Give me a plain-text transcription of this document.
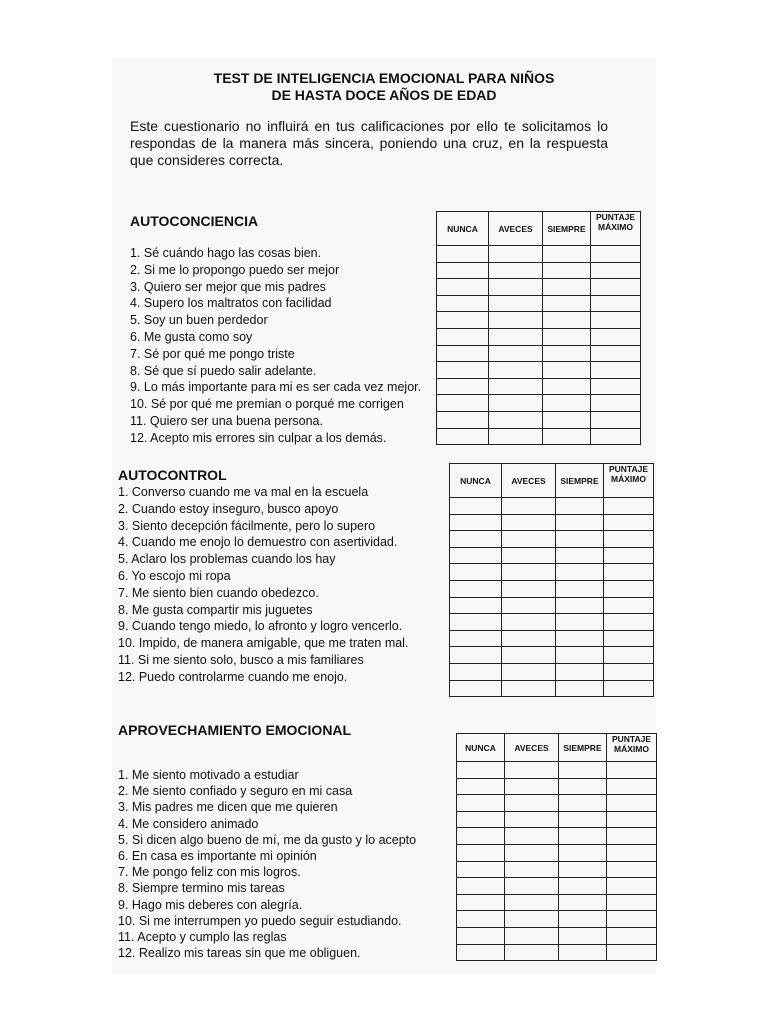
TEST DE INTELIGENCIA EMOCIONAL PARA NIÑOS
DE HASTA DOCE AÑOS DE EDAD

Este cuestionario no influirá en tus calificaciones por ello te solicitamos lo respondas de la manera más sincera, poniendo una cruz, en la respuesta que consideres correcta.

AUTOCONCIENCIA
1. Sé cuándo hago las cosas bien.
2. Si me lo propongo puedo ser mejor
3. Quiero ser mejor que mis padres
4. Supero los maltratos con facilidad
5. Soy un buen perdedor
6. Me gusta como soy
7. Sé por qué me pongo triste
8. Sé que sí puedo salir adelante.
9. Lo más importante para mi es ser cada vez mejor.
10. Sé por qué me premian o porqué me corrigen
11. Quiero ser una buena persona.
12. Acepto mis errores sin culpar a los demás.
NUNCA	AVECES	SIEMPRE	PUNTAJE
MÁXIMO

AUTOCONTROL
1. Converso cuando me va mal en la escuela
2. Cuando estoy inseguro, busco apoyo
3. Siento decepción fácilmente, pero lo supero
4. Cuando me enojo lo demuestro con asertividad.
5. Aclaro los problemas cuando los hay
6. Yo escojo mi ropa
7. Me siento bien cuando obedezco.
8. Me gusta compartir mis juguetes
9. Cuando tengo miedo, lo afronto y logro vencerlo.
10. Impido, de manera amigable, que me traten mal.
11. Si me siento solo, busco a mis familiares
12. Puedo controlarme cuando me enojo.
NUNCA	AVECES	SIEMPRE	PUNTAJE
MÁXIMO

APROVECHAMIENTO EMOCIONAL
1. Me siento motivado a estudiar
2. Me siento confiado y seguro en mi casa
3. Mis padres me dicen que me quieren
4. Me considero animado
5. Si dicen algo bueno de mí, me da gusto y lo acepto
6. En casa es importante mi opinión
7. Me pongo feliz con mis logros.
8. Siempre termino mis tareas
9. Hago mis deberes con alegría.
10. Si me interrumpen yo puedo seguir estudiando.
11. Acepto y cumplo las reglas
12. Realizo mis tareas sin que me obliguen.
NUNCA	AVECES	SIEMPRE	PUNTAJE
MÁXIMO
